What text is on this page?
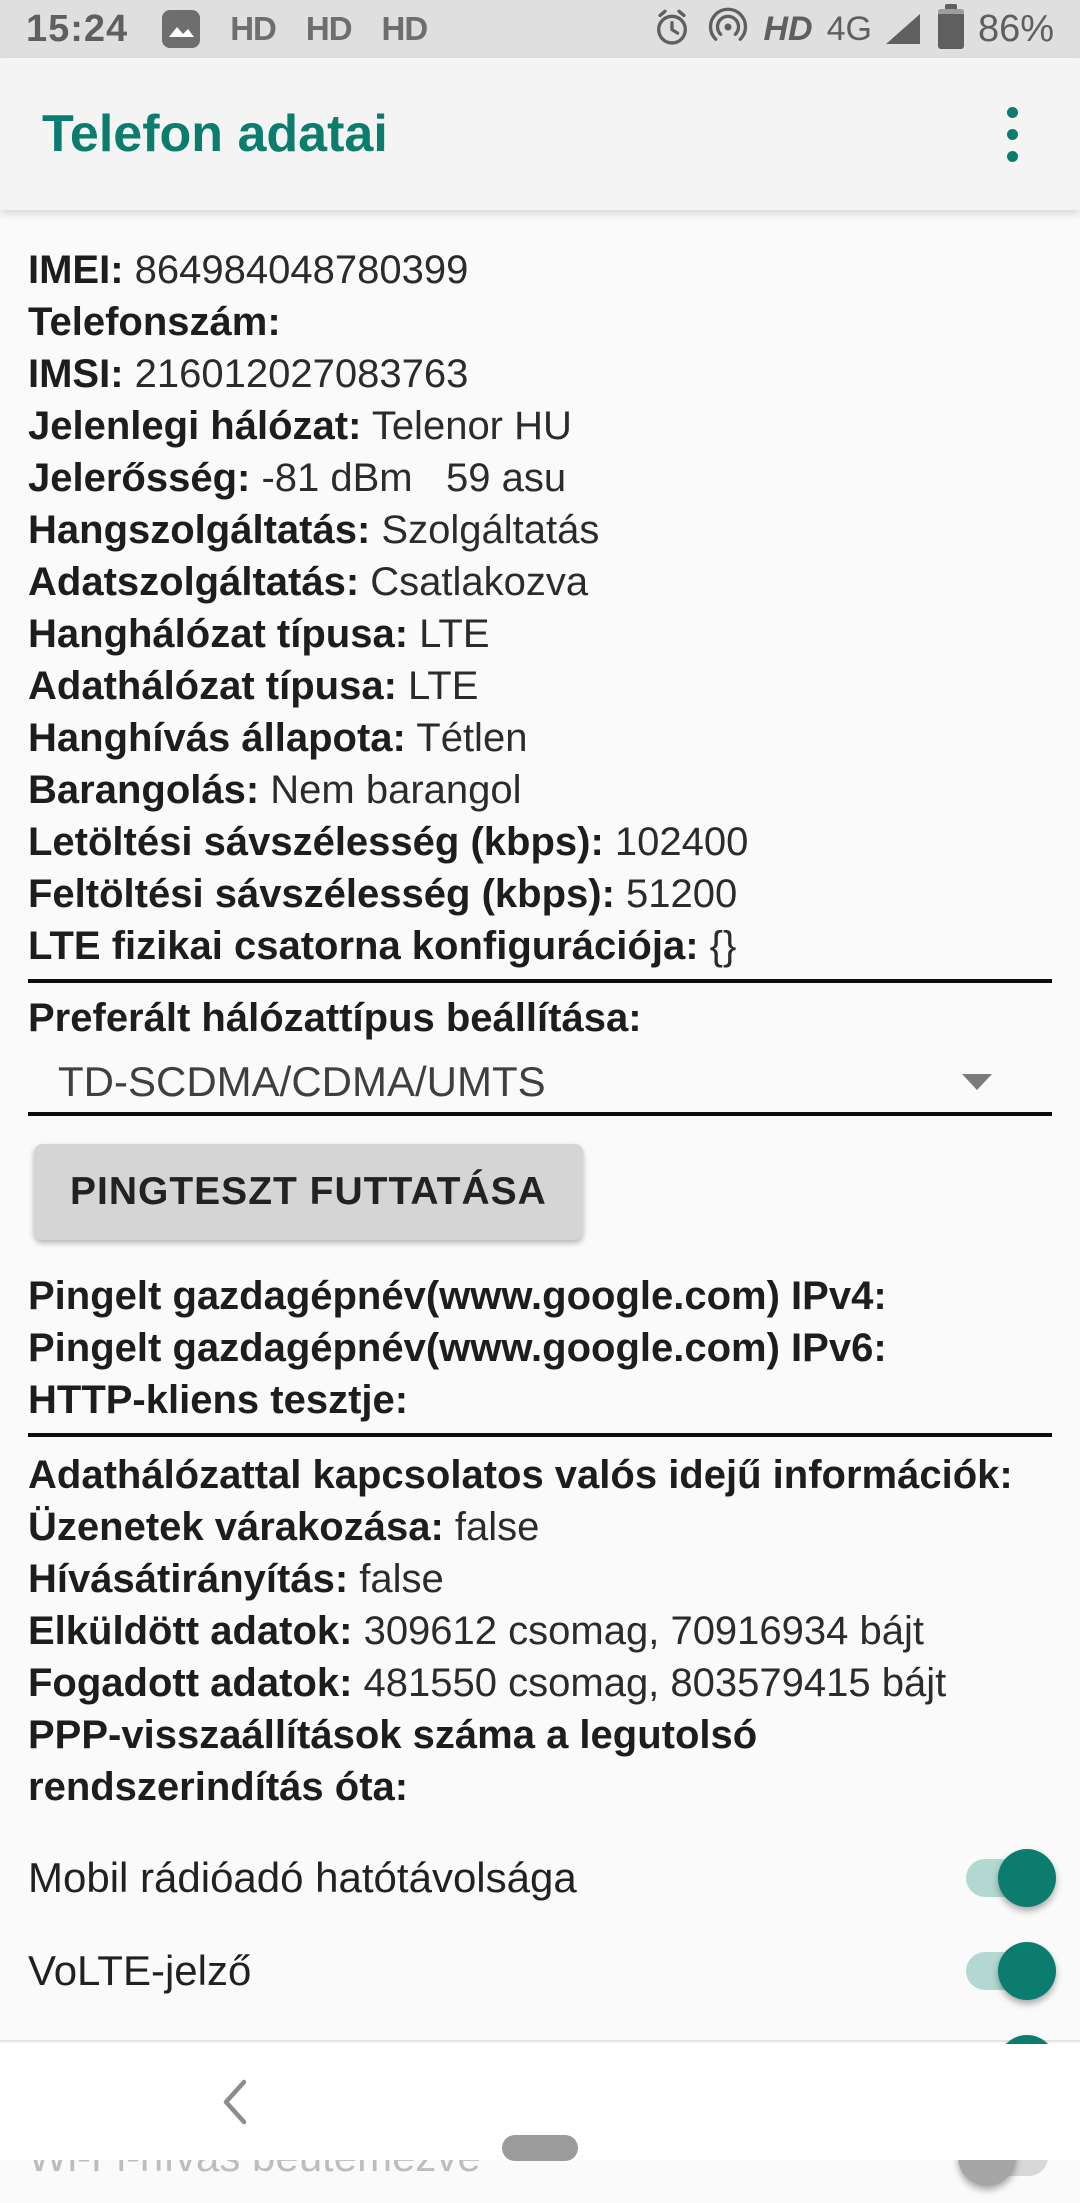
15:24	HD HD HD	HD 4G	86%
Telefon adatai
IMEI: 864984048780399
Telefonszám:
IMSI: 216012027083763
Jelenlegi hálózat: Telenor HU
Jelerősség: -81 dBm   59 asu
Hangszolgáltatás: Szolgáltatás
Adatszolgáltatás: Csatlakozva
Hanghálózat típusa: LTE
Adathálózat típusa: LTE
Hanghívás állapota: Tétlen
Barangolás: Nem barangol
Letöltési sávszélesség (kbps): 102400
Feltöltési sávszélesség (kbps): 51200
LTE fizikai csatorna konfigurációja: {}
Preferált hálózattípus beállítása:
TD-SCDMA/CDMA/UMTS
PINGTESZT FUTTATÁSA
Pingelt gazdagépnév(www.google.com) IPv4:
Pingelt gazdagépnév(www.google.com) IPv6:
HTTP-kliens tesztje:
Adathálózattal kapcsolatos valós idejű információk:
Üzenetek várakozása: false
Hívásátirányítás: false
Elküldött adatok: 309612 csomag, 70916934 bájt
Fogadott adatok: 481550 csomag, 803579415 bájt
PPP-visszaállítások száma a legutolsó rendszerindítás óta:
Mobil rádióadó hatótávolsága
VoLTE-jelző
